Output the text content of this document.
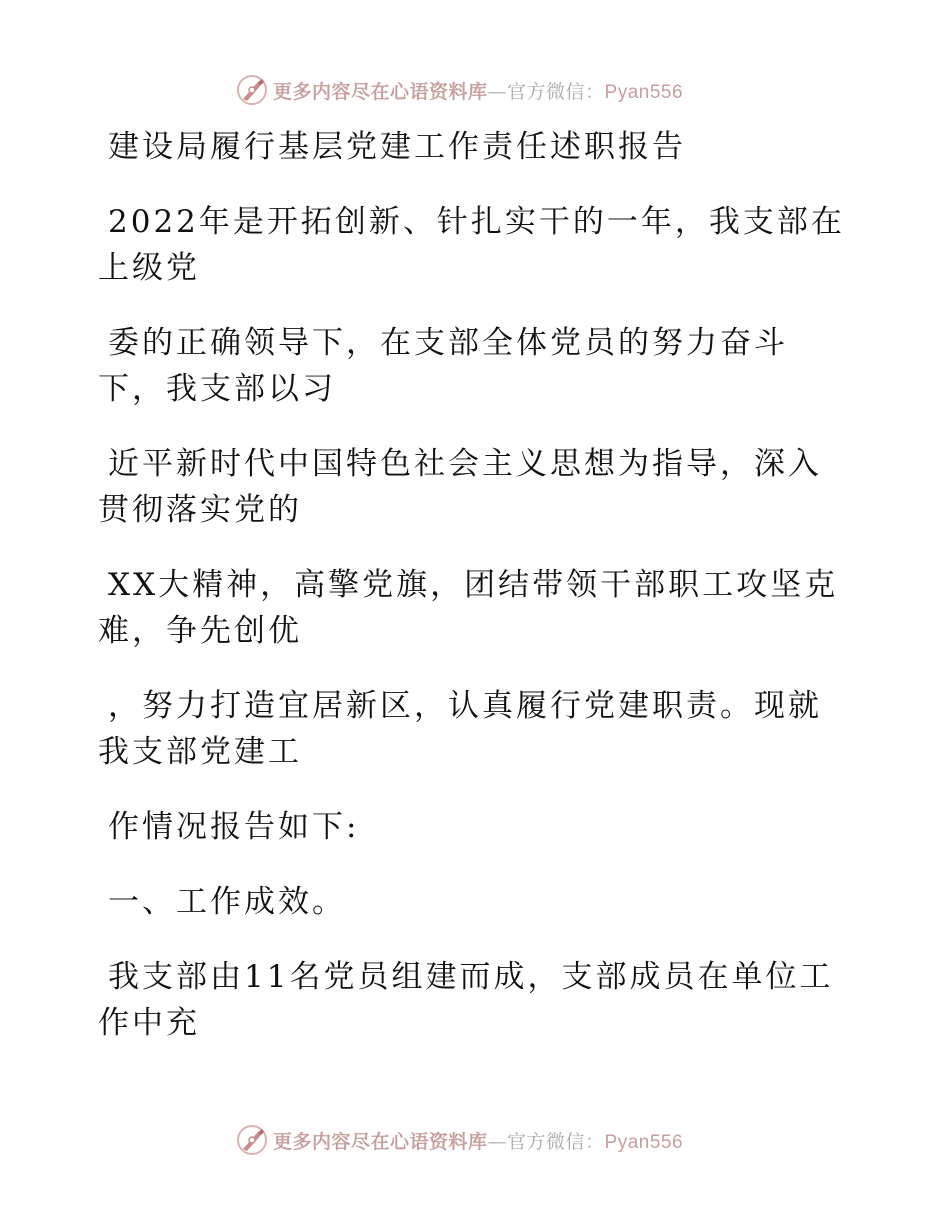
更多内容尽在心语资料库—官方微信：Pyan556
建设局履行基层党建工作责任述职报告
2022年是开拓创新、针扎实干的一年，我支部在
上级党
委的正确领导下，在支部全体党员的努力奋斗
下，我支部以习
近平新时代中国特色社会主义思想为指导，深入
贯彻落实党的
XX大精神，高擎党旗，团结带领干部职工攻坚克
难，争先创优
，努力打造宜居新区，认真履行党建职责。现就
我支部党建工
作情况报告如下:
一、工作成效。
我支部由11名党员组建而成，支部成员在单位工
作中充
更多内容尽在心语资料库—官方微信：Pyan556
